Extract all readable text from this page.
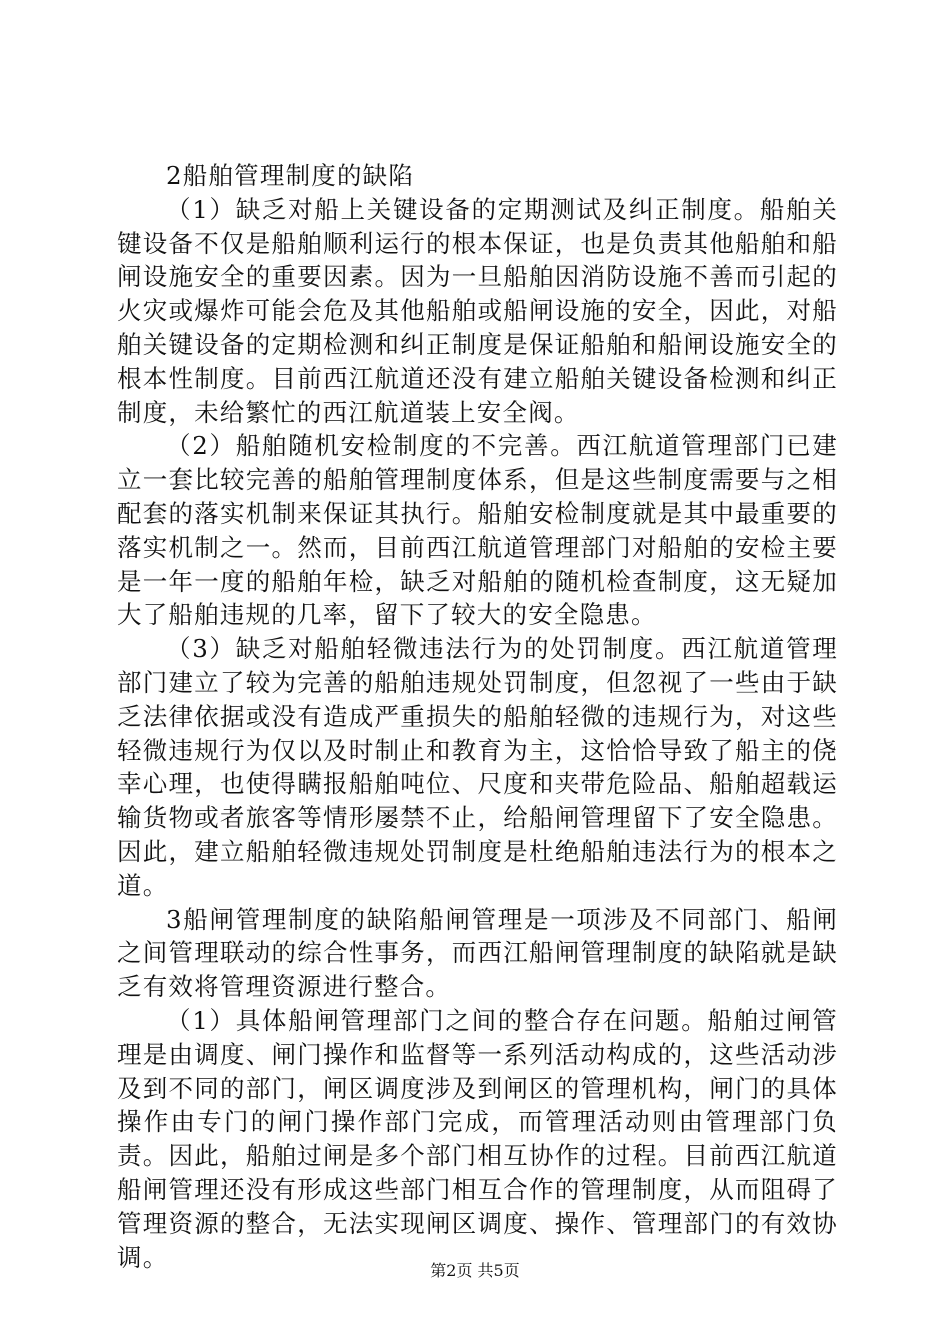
2船舶管理制度的缺陷

（1）缺乏对船上关键设备的定期测试及纠正制度。船舶关键设备不仅是船舶顺利运行的根本保证，也是负责其他船舶和船闸设施安全的重要因素。因为一旦船舶因消防设施不善而引起的火灾或爆炸可能会危及其他船舶或船闸设施的安全，因此，对船舶关键设备的定期检测和纠正制度是保证船舶和船闸设施安全的根本性制度。目前西江航道还没有建立船舶关键设备检测和纠正制度，未给繁忙的西江航道装上安全阀。

（2）船舶随机安检制度的不完善。西江航道管理部门已建立一套比较完善的船舶管理制度体系，但是这些制度需要与之相配套的落实机制来保证其执行。船舶安检制度就是其中最重要的落实机制之一。然而，目前西江航道管理部门对船舶的安检主要是一年一度的船舶年检，缺乏对船舶的随机检查制度，这无疑加大了船舶违规的几率，留下了较大的安全隐患。

（3）缺乏对船舶轻微违法行为的处罚制度。西江航道管理部门建立了较为完善的船舶违规处罚制度，但忽视了一些由于缺乏法律依据或没有造成严重损失的船舶轻微的违规行为，对这些轻微违规行为仅以及时制止和教育为主，这恰恰导致了船主的侥幸心理，也使得瞒报船舶吨位、尺度和夹带危险品、船舶超载运输货物或者旅客等情形屡禁不止，给船闸管理留下了安全隐患。因此，建立船舶轻微违规处罚制度是杜绝船舶违法行为的根本之道。

3船闸管理制度的缺陷船闸管理是一项涉及不同部门、船闸之间管理联动的综合性事务，而西江船闸管理制度的缺陷就是缺乏有效将管理资源进行整合。

（1）具体船闸管理部门之间的整合存在问题。船舶过闸管理是由调度、闸门操作和监督等一系列活动构成的，这些活动涉及到不同的部门，闸区调度涉及到闸区的管理机构，闸门的具体操作由专门的闸门操作部门完成，而管理活动则由管理部门负责。因此，船舶过闸是多个部门相互协作的过程。目前西江航道船闸管理还没有形成这些部门相互合作的管理制度，从而阻碍了管理资源的整合，无法实现闸区调度、操作、管理部门的有效协调。	第2页 共5页
